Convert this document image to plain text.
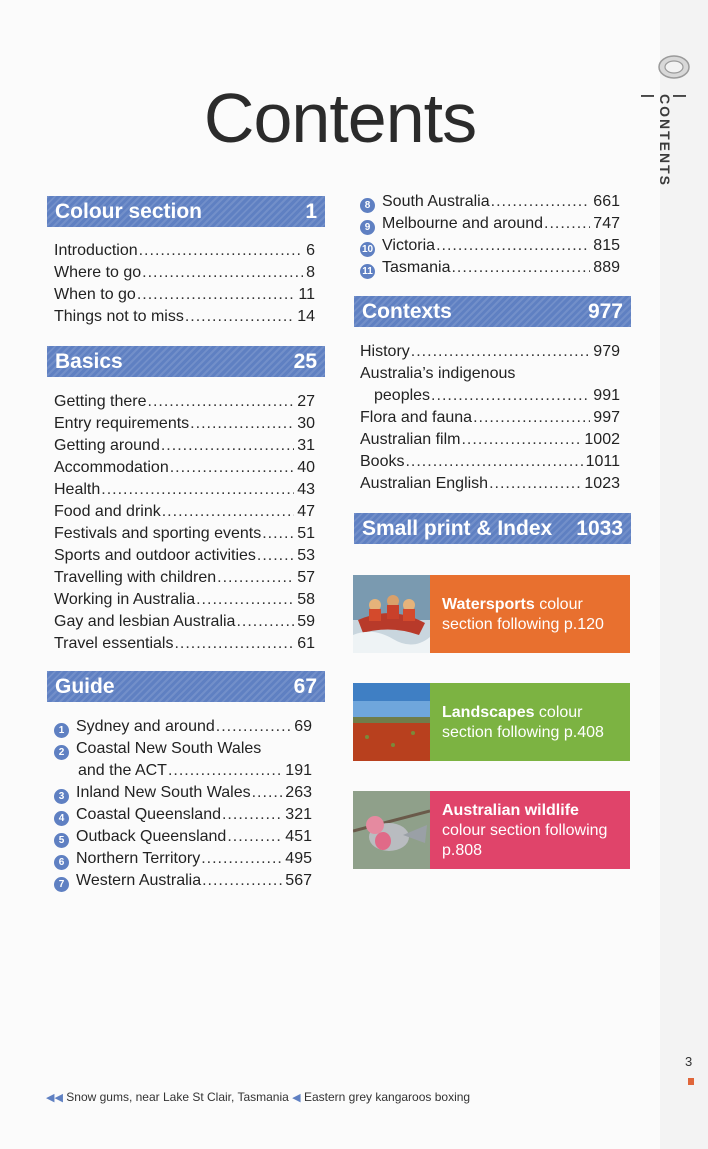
| CONTENTS |
Contents
Colour section	1
Introduction .....	6
Where to go .....	8
When to go .....	11
Things not to miss .....	14
Basics	25
Getting there .....	27
Entry requirements .....	30
Getting around .....	31
Accommodation .....	40
Health .....	43
Food and drink .....	47
Festivals and sporting events ..... 51
Sports and outdoor activities .....	53
Travelling with children .....	57
Working in Australia .....	58
Gay and lesbian Australia .....	59
Travel essentials .....	61
Guide	67
1 Sydney and around .....	69
2 Coastal New South Wales
and the ACT .....	191
3 Inland New South Wales ..... 263
4 Coastal Queensland .....	321
5 Outback Queensland .....	451
6 Northern Territory .....	495
7 Western Australia .....	567
8 South Australia .....	661
9 Melbourne and around .....	747
10 Victoria .....	815
11 Tasmania .....	889
Contexts	977
History .....	979
Australia’s indigenous
peoples .....	991
Flora and fauna .....	997
Australian film .....	1002
Books .....	1011
Australian English .....	1023
Small print & Index 1033
Watersports colour section following p.120
Landscapes colour section following p.408
Australian wildlife colour section following p.808
◀◀ Snow gums, near Lake St Clair, Tasmania ◀ Eastern grey kangaroos boxing
3
